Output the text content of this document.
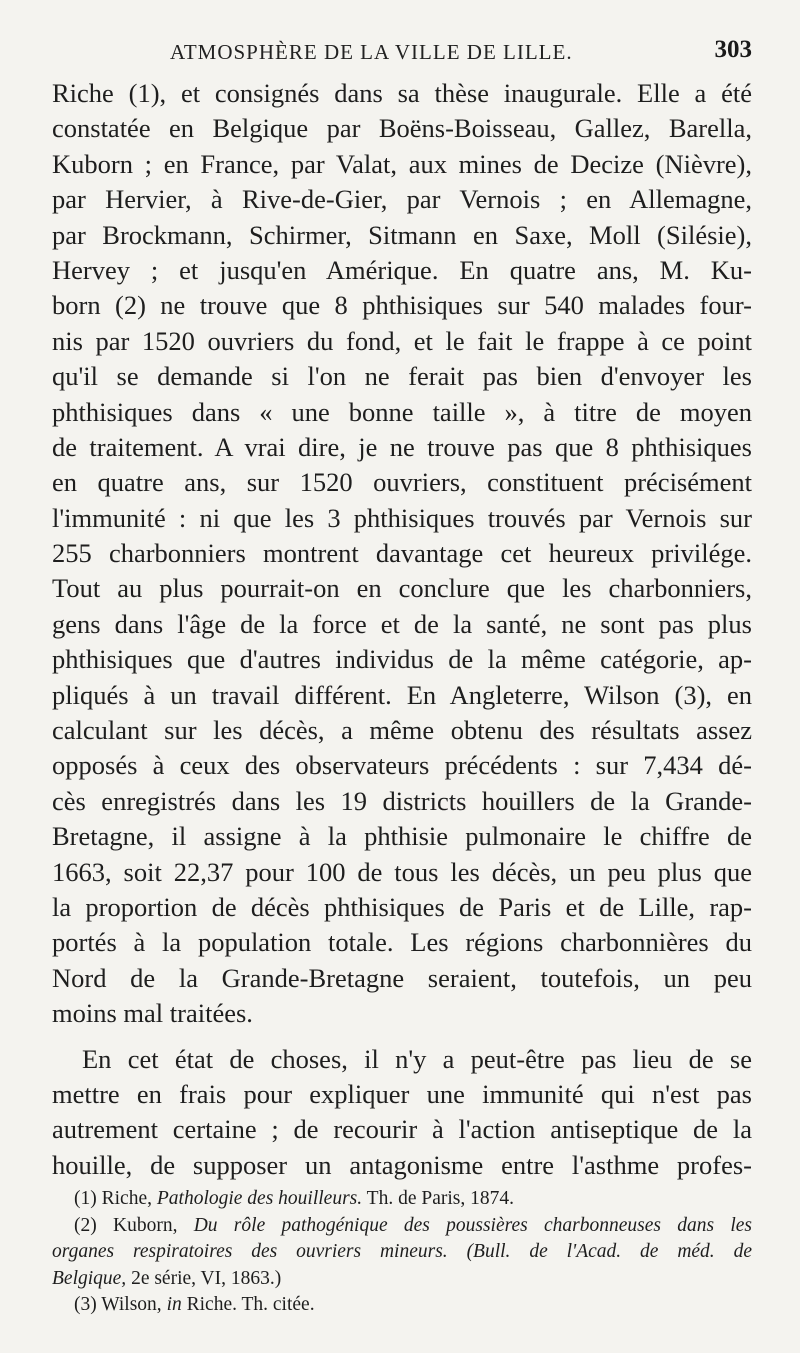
ATMOSPHÈRE DE LA VILLE DE LILLE.	303
Riche (1), et consignés dans sa thèse inaugurale. Elle a été
constatée en Belgique par Boëns-Boisseau, Gallez, Barella,
Kuborn ; en France, par Valat, aux mines de Decize (Nièvre),
par Hervier, à Rive-de-Gier, par Vernois ; en Allemagne,
par Brockmann, Schirmer, Sitmann en Saxe, Moll (Silésie),
Hervey ; et jusqu'en Amérique. En quatre ans, M. Ku-
born (2) ne trouve que 8 phthisiques sur 540 malades four-
nis par 1520 ouvriers du fond, et le fait le frappe à ce point
qu'il se demande si l'on ne ferait pas bien d'envoyer les
phthisiques dans « une bonne taille », à titre de moyen
de traitement. A vrai dire, je ne trouve pas que 8 phthisiques
en quatre ans, sur 1520 ouvriers, constituent précisément
l'immunité : ni que les 3 phthisiques trouvés par Vernois sur
255 charbonniers montrent davantage cet heureux privilége.
Tout au plus pourrait-on en conclure que les charbonniers,
gens dans l'âge de la force et de la santé, ne sont pas plus
phthisiques que d'autres individus de la même catégorie, ap-
pliqués à un travail différent. En Angleterre, Wilson (3), en
calculant sur les décès, a même obtenu des résultats assez
opposés à ceux des observateurs précédents : sur 7,434 dé-
cès enregistrés dans les 19 districts houillers de la Grande-
Bretagne, il assigne à la phthisie pulmonaire le chiffre de
1663, soit 22,37 pour 100 de tous les décès, un peu plus que
la proportion de décès phthisiques de Paris et de Lille, rap-
portés à la population totale. Les régions charbonnières du
Nord de la Grande-Bretagne seraient, toutefois, un peu
moins mal traitées.
En cet état de choses, il n'y a peut-être pas lieu de se
mettre en frais pour expliquer une immunité qui n'est pas
autrement certaine ; de recourir à l'action antiseptique de la
houille, de supposer un antagonisme entre l'asthme profes-
(1) Riche, Pathologie des houilleurs. Th. de Paris, 1874.
(2) Kuborn, Du rôle pathogénique des poussières charbonneuses dans les
organes respiratoires des ouvriers mineurs. (Bull. de l'Acad. de méd. de
Belgique, 2e série, VI, 1863.)
(3) Wilson, in Riche. Th. citée.
